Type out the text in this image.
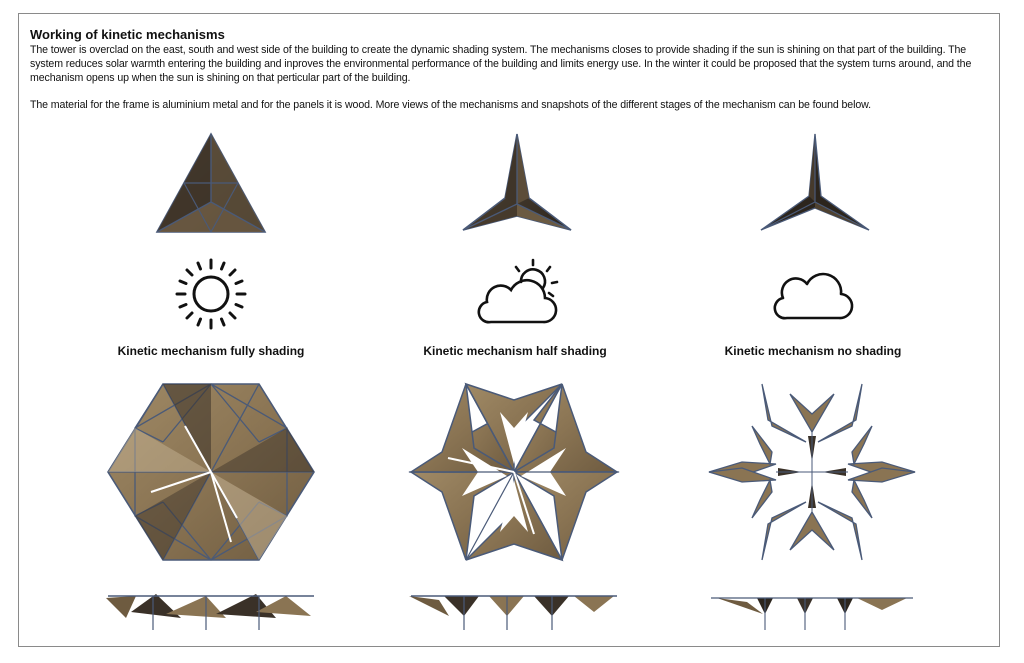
Working of kinetic mechanisms

The tower is overclad on the east, south and west side of the building to create the dynamic shading system. The mechanisms closes to provide shading if the sun is shining on that part of the building. The system reduces solar warmth entering the building and inproves the environmental performance of the building and limits energy use. In the winter it could be proposed that the system turns around, and the mechanism opens up when the sun is shining on that perticular part of the building.

The material for the frame is aluminium metal and for the panels it is wood. More views of the mechanisms and snapshots of the different stages of the mechanism can be found below.

Kinetic mechanism fully shading	Kinetic mechanism half shading	Kinetic mechanism no shading
